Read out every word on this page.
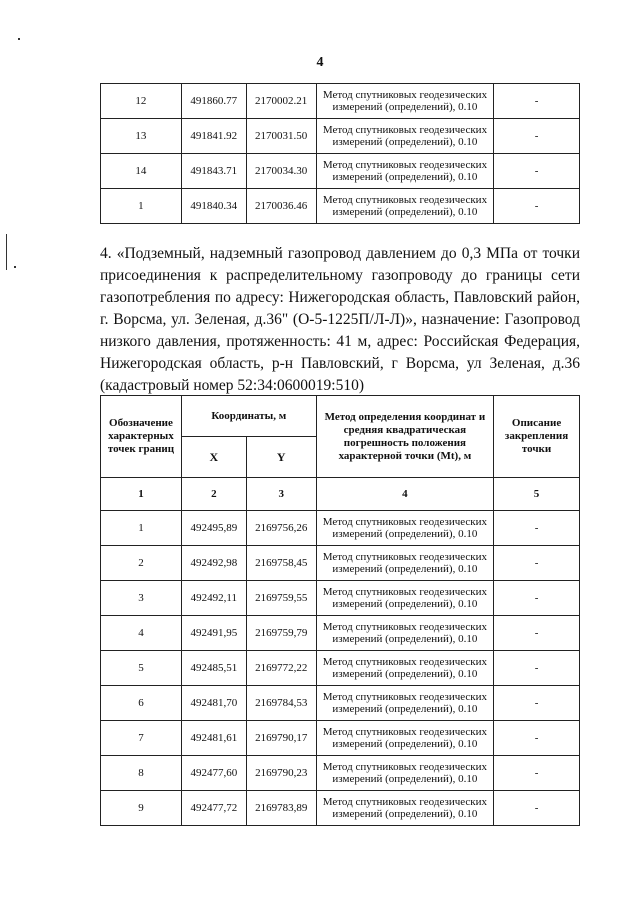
4
12	491860.77	2170002.21	Метод спутниковых геодезических измерений (определений), 0.10	-
13	491841.92	2170031.50	Метод спутниковых геодезических измерений (определений), 0.10	-
14	491843.71	2170034.30	Метод спутниковых геодезических измерений (определений), 0.10	-
1	491840.34	2170036.46	Метод спутниковых геодезических измерений (определений), 0.10	-

4. «Подземный, надземный газопровод давлением до 0,3 МПа от точки присоединения к распределительному газопроводу до границы сети газопотребления по адресу: Нижегородская область, Павловский район, г. Ворсма, ул. Зеленая, д.36" (О-5-1225П/Л-Л)», назначение: Газопровод низкого давления, протяженность: 41 м, адрес: Российская Федерация, Нижегородская область, р-н Павловский, г Ворсма, ул Зеленая, д.36 (кадастровый номер 52:34:0600019:510)

Обозначение характерных точек границ	Координаты, м		Метод определения координат и средняя квадратическая погрешность положения характерной точки (Mt), м	Описание закрепления точки
	X	Y		
1	2	3	4	5
1	492495,89	2169756,26	Метод спутниковых геодезических измерений (определений), 0.10	-
2	492492,98	2169758,45	Метод спутниковых геодезических измерений (определений), 0.10	-
3	492492,11	2169759,55	Метод спутниковых геодезических измерений (определений), 0.10	-
4	492491,95	2169759,79	Метод спутниковых геодезических измерений (определений), 0.10	-
5	492485,51	2169772,22	Метод спутниковых геодезических измерений (определений), 0.10	-
6	492481,70	2169784,53	Метод спутниковых геодезических измерений (определений), 0.10	-
7	492481,61	2169790,17	Метод спутниковых геодезических измерений (определений), 0.10	-
8	492477,60	2169790,23	Метод спутниковых геодезических измерений (определений), 0.10	-
9	492477,72	2169783,89	Метод спутниковых геодезических измерений (определений), 0.10	-
